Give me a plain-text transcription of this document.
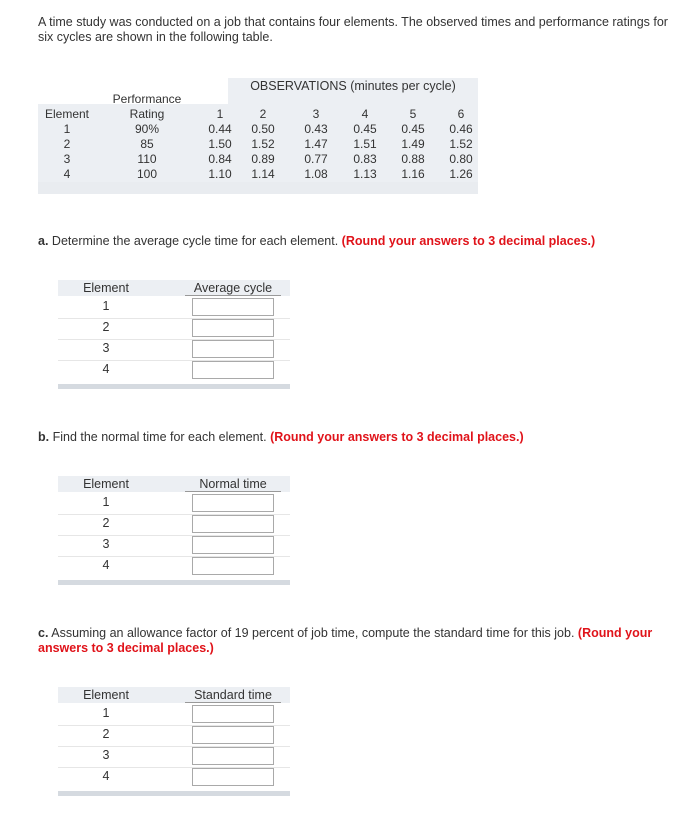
A time study was conducted on a job that contains four elements. The observed times and performance ratings for six cycles are shown in the following table.
OBSERVATIONS (minutes per cycle)
Performance
Element	Rating	1	2	3	4	5	6
1	90%	0.44	0.50	0.43	0.45	0.45	0.46
2	85	1.50	1.52	1.47	1.51	1.49	1.52
3	110	0.84	0.89	0.77	0.83	0.88	0.80
4	100	1.10	1.14	1.08	1.13	1.16	1.26
a. Determine the average cycle time for each element. (Round your answers to 3 decimal places.)
Element	Average cycle
1
2
3
4
b. Find the normal time for each element. (Round your answers to 3 decimal places.)
Element	Normal time
1
2
3
4
c. Assuming an allowance factor of 19 percent of job time, compute the standard time for this job. (Round your answers to 3 decimal places.)
Element	Standard time
1
2
3
4
